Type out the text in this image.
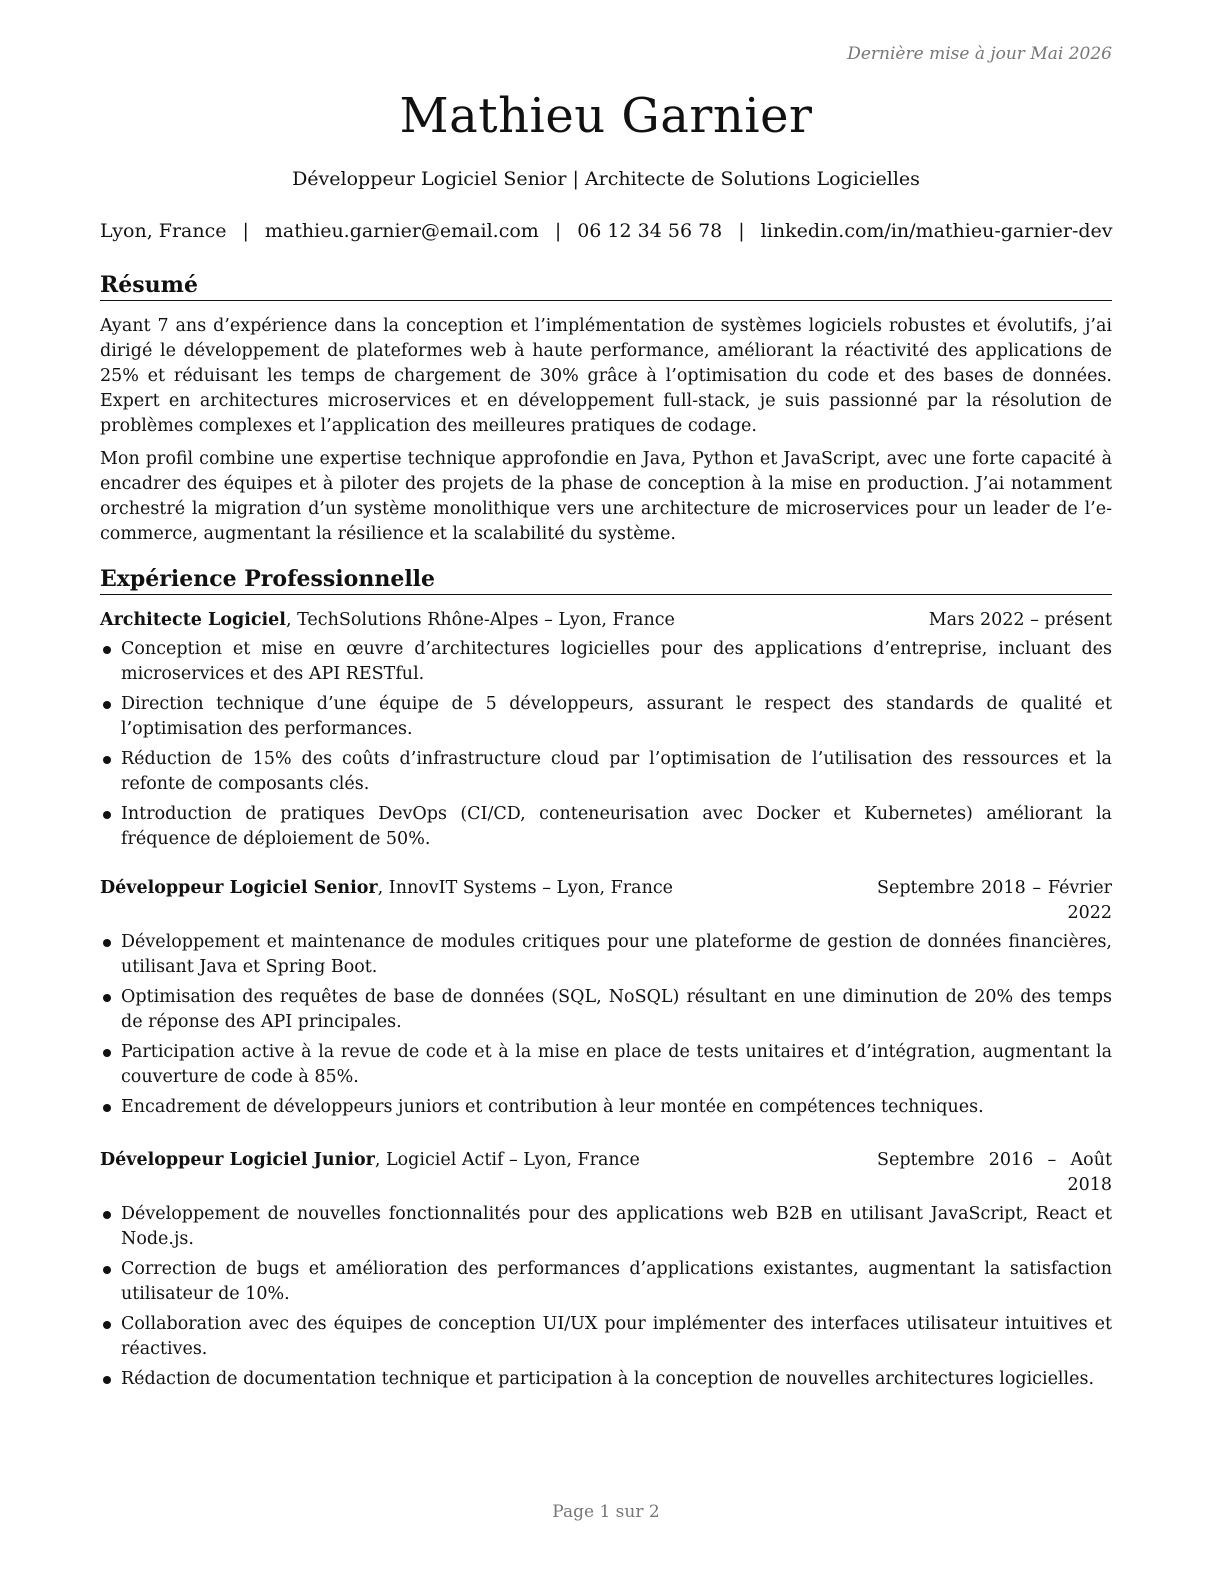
Dernière mise à jour Mai 2026
Mathieu Garnier
Développeur Logiciel Senior | Architecte de Solutions Logicielles
Lyon, France | mathieu.garnier@email.com | 06 12 34 56 78 | linkedin.com/in/mathieu-garnier-dev
Résumé

Ayant 7 ans d’expérience dans la conception et l’implémentation de systèmes logiciels robustes et évolutifs, j’ai dirigé le développement de plateformes web à haute performance, améliorant la réactivité des applications de 25% et réduisant les temps de chargement de 30% grâce à l’optimisation du code et des bases de données. Expert en architectures microservices et en développement full-stack, je suis passionné par la résolution de problèmes complexes et l’application des meilleures pratiques de codage.

Mon profil combine une expertise technique approfondie en Java, Python et JavaScript, avec une forte capacité à encadrer des équipes et à piloter des projets de la phase de conception à la mise en production. J’ai notamment orchestré la migration d’un système monolithique vers une architecture de microservices pour un leader de l’e-commerce, augmentant la résilience et la scalabilité du système.

Expérience Professionnelle
Architecte Logiciel, TechSolutions Rhône-Alpes – Lyon, France	Mars 2022 – présent
Conception et mise en œuvre d’architectures logicielles pour des applications d’entreprise, incluant des microservices et des API RESTful.
Direction technique d’une équipe de 5 développeurs, assurant le respect des standards de qualité et l’optimisation des performances.
Réduction de 15% des coûts d’infrastructure cloud par l’optimisation de l’utilisation des ressources et la refonte de composants clés.
Introduction de pratiques DevOps (CI/CD, conteneurisation avec Docker et Kubernetes) améliorant la fréquence de déploiement de 50%.
Développeur Logiciel Senior, InnovIT Systems – Lyon, France	Septembre 2018 – Février 2022
Développement et maintenance de modules critiques pour une plateforme de gestion de données financières, utilisant Java et Spring Boot.
Optimisation des requêtes de base de données (SQL, NoSQL) résultant en une diminution de 20% des temps de réponse des API principales.
Participation active à la revue de code et à la mise en place de tests unitaires et d’intégration, augmentant la couverture de code à 85%.
Encadrement de développeurs juniors et contribution à leur montée en compétences techniques.
Développeur Logiciel Junior, Logiciel Actif – Lyon, France	Septembre 2016 – Août 2018
Développement de nouvelles fonctionnalités pour des applications web B2B en utilisant JavaScript, React et Node.js.
Correction de bugs et amélioration des performances d’applications existantes, augmentant la satisfaction utilisateur de 10%.
Collaboration avec des équipes de conception UI/UX pour implémenter des interfaces utilisateur intuitives et réactives.
Rédaction de documentation technique et participation à la conception de nouvelles architectures logicielles.
Page 1 sur 2
